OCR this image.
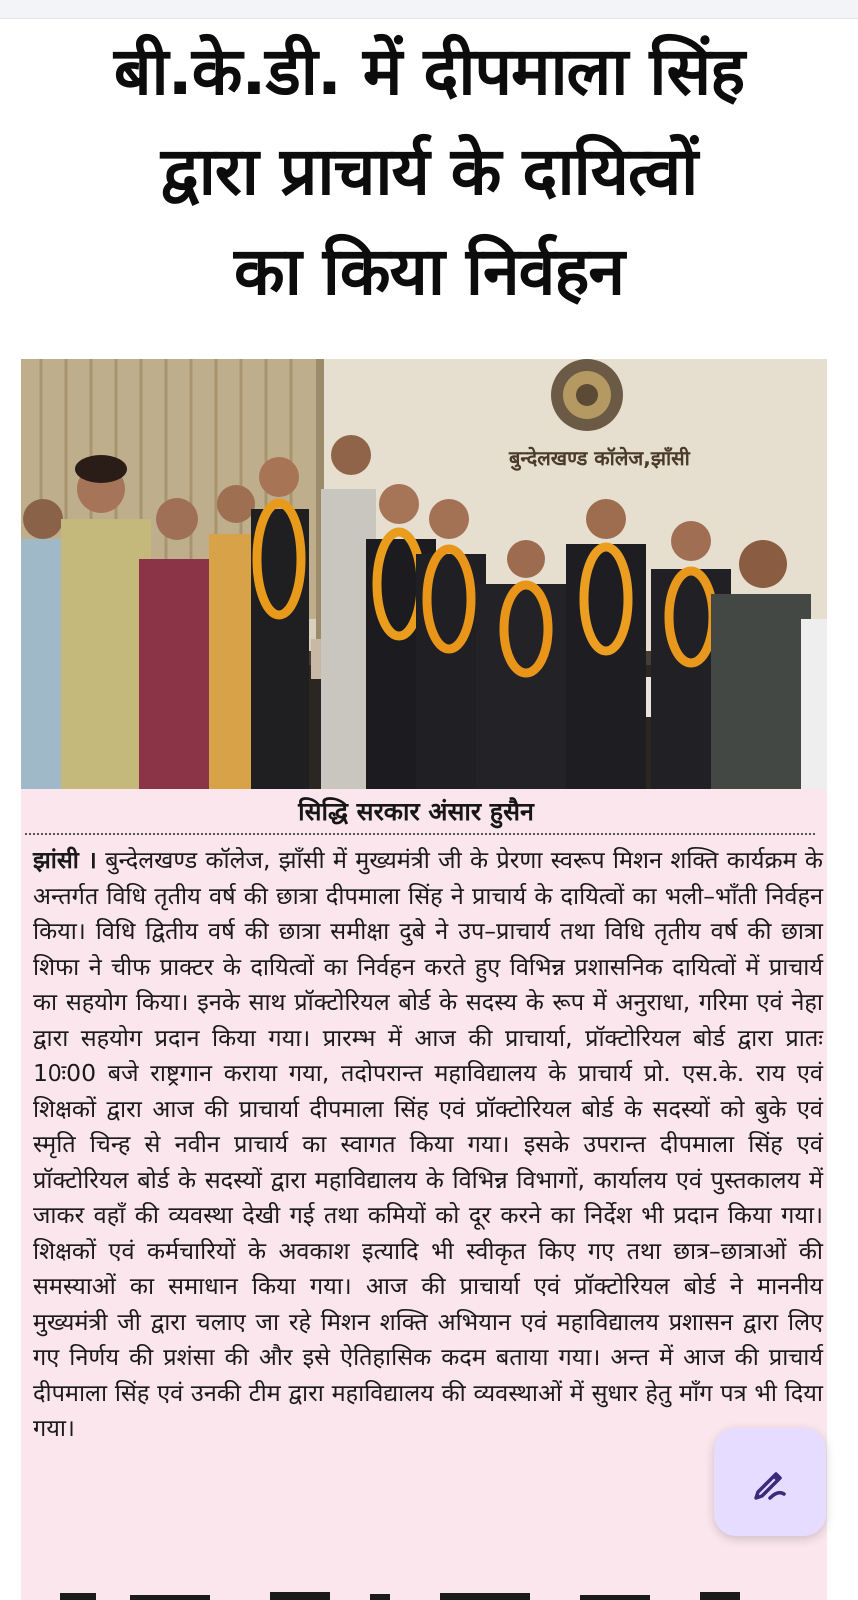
बी.के.डी. में दीपमाला सिंह
द्वारा प्राचार्य के दायित्वों
का किया निर्वहन
बुन्देलखण्ड कॉलेज,झाँसी
सिद्धि सरकार अंसार हुसैन

झांसी । बुन्देलखण्ड कॉलेज, झाँसी में मुख्यमंत्री जी के प्रेरणा स्वरूप मिशन शक्ति कार्यक्रम के अन्तर्गत विधि तृतीय वर्ष की छात्रा दीपमाला सिंह ने प्राचार्य के दायित्वों का भली–भाँती निर्वहन किया। विधि द्वितीय वर्ष की छात्रा समीक्षा दुबे ने उप–प्राचार्य तथा विधि तृतीय वर्ष की छात्रा शिफा ने चीफ प्राक्टर के दायित्वों का निर्वहन करते हुए विभिन्न प्रशासनिक दायित्वों में प्राचार्य का सहयोग किया। इनके साथ प्रॉक्टोरियल बोर्ड के सदस्य के रूप में अनुराधा, गरिमा एवं नेहा द्वारा सहयोग प्रदान किया गया। प्रारम्भ में आज की प्राचार्या, प्रॉक्टोरियल बोर्ड द्वारा प्रातः 10ः00 बजे राष्ट्रगान कराया गया, तदोपरान्त महाविद्यालय के प्राचार्य प्रो. एस.के. राय एवं शिक्षकों द्वारा आज की प्राचार्या दीपमाला सिंह एवं प्रॉक्टोरियल बोर्ड के सदस्यों को बुके एवं स्मृति चिन्ह से नवीन प्राचार्य का स्वागत किया गया। इसके उपरान्त दीपमाला सिंह एवं प्रॉक्टोरियल बोर्ड के सदस्यों द्वारा महाविद्यालय के विभिन्न विभागों, कार्यालय एवं पुस्तकालय में जाकर वहाँ की व्यवस्था देखी गई तथा कमियों को दूर करने का निर्देश भी प्रदान किया गया। शिक्षकों एवं कर्मचारियों के अवकाश इत्यादि भी स्वीकृत किए गए तथा छात्र–छात्राओं की समस्याओं का समाधान किया गया। आज की प्राचार्या एवं प्रॉक्टोरियल बोर्ड ने माननीय मुख्यमंत्री जी द्वारा चलाए जा रहे मिशन शक्ति अभियान एवं महाविद्यालय प्रशासन द्वारा लिए गए निर्णय की प्रशंसा की और इसे ऐतिहासिक कदम बताया गया। अन्त में आज की प्राचार्य दीपमाला सिंह एवं उनकी टीम द्वारा महाविद्यालय की व्यवस्थाओं में सुधार हेतु माँग पत्र भी दिया गया।
